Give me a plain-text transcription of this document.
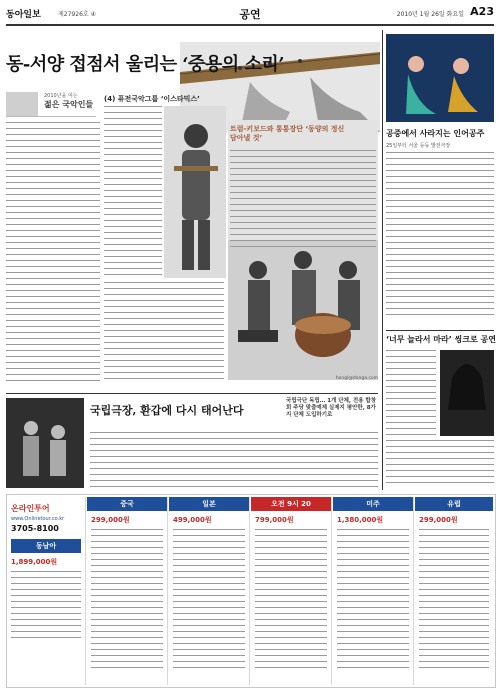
동아일보	제27926호 ④	공연	2010년 1월 26일 화요일 A23
동-서양 접점서 울리는 ‘중용의 소리’
2010년을 여는
젊은 국악인들
(4) 퓨전국악그룹 ‘이스타믹스’
트럼-키보드와 통통장단 ‘동양의 정신 담아낼 것’
hongl@donga.com
국립극장, 환갑에 다시 태어난다
국립극단 독립… 1개 단체, 전용 합창회 주당 맞춤예제 실제지 평안한, 8가지 단체 도입하기로
공중에서 사라지는 인어공주
25일부터 서울 등등 발전극장
‘너무 늘라서 마라’ 씽크로 공연
온라인투어
www.Onlinetour.co.kr
3705-8100
동남아
1,899,000원
중국
299,000원
일본
499,000원
오전 9시 20
799,000원
미주
1,380,000원
유럽
299,000원
